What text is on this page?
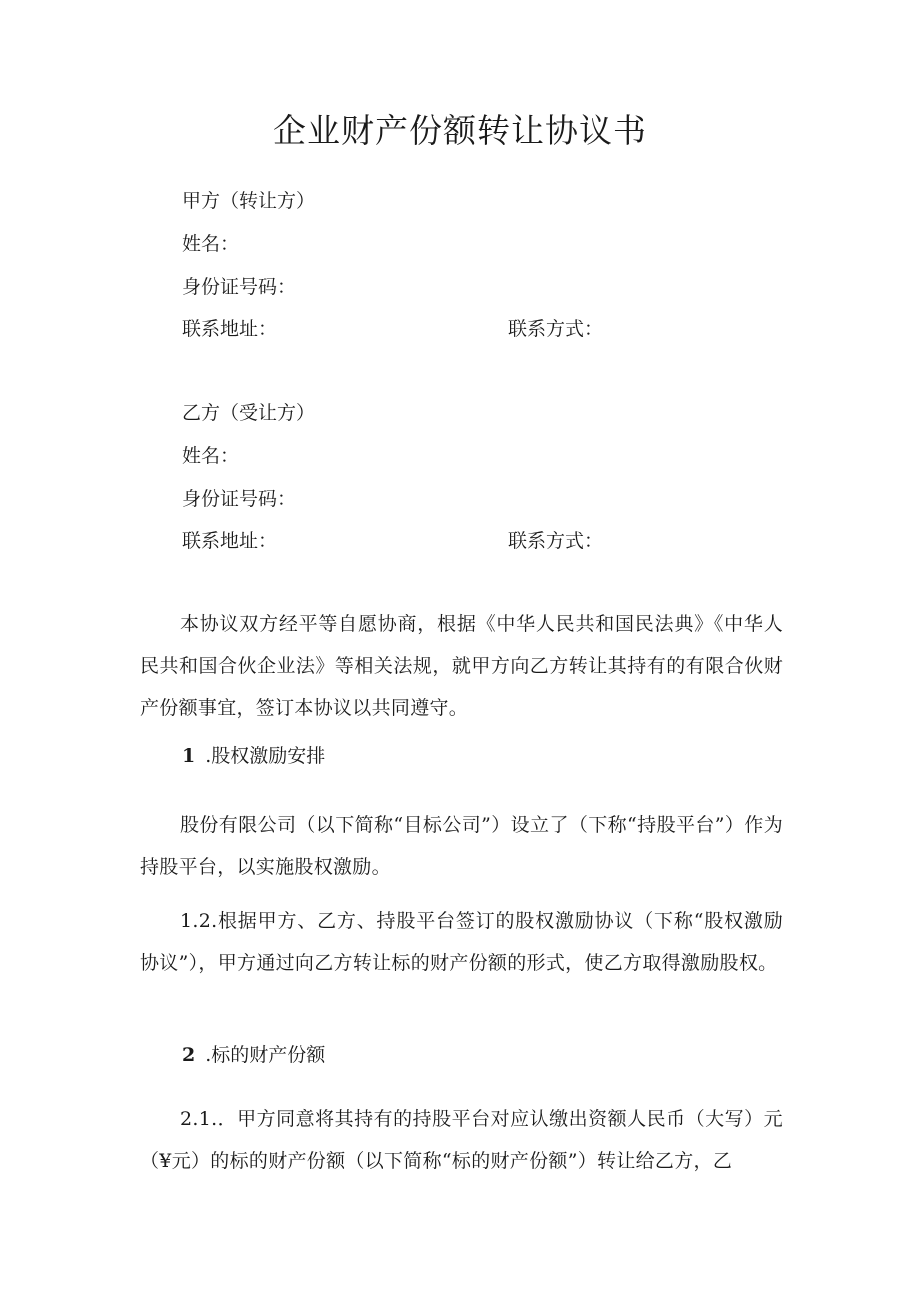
企业财产份额转让协议书
甲方（转让方）
姓名：
身份证号码：
联系地址：	联系方式：
乙方（受让方）
姓名：
身份证号码：
联系地址：	联系方式：
本协议双方经平等自愿协商，根据《中华人民共和国民法典》《中华人民共和国合伙企业法》等相关法规，就甲方向乙方转让其持有的有限合伙财产份额事宜，签订本协议以共同遵守。
1 .股权激励安排
股份有限公司（以下简称“目标公司”）设立了（下称“持股平台”）作为持股平台，以实施股权激励。
1.2.根据甲方、乙方、持股平台签订的股权激励协议（下称“股权激励协议”），甲方通过向乙方转让标的财产份额的形式，使乙方取得激励股权。
2 .标的财产份额
2.1.．甲方同意将其持有的持股平台对应认缴出资额人民币（大写）元（¥元）的标的财产份额（以下简称“标的财产份额”）转让给乙方，乙
